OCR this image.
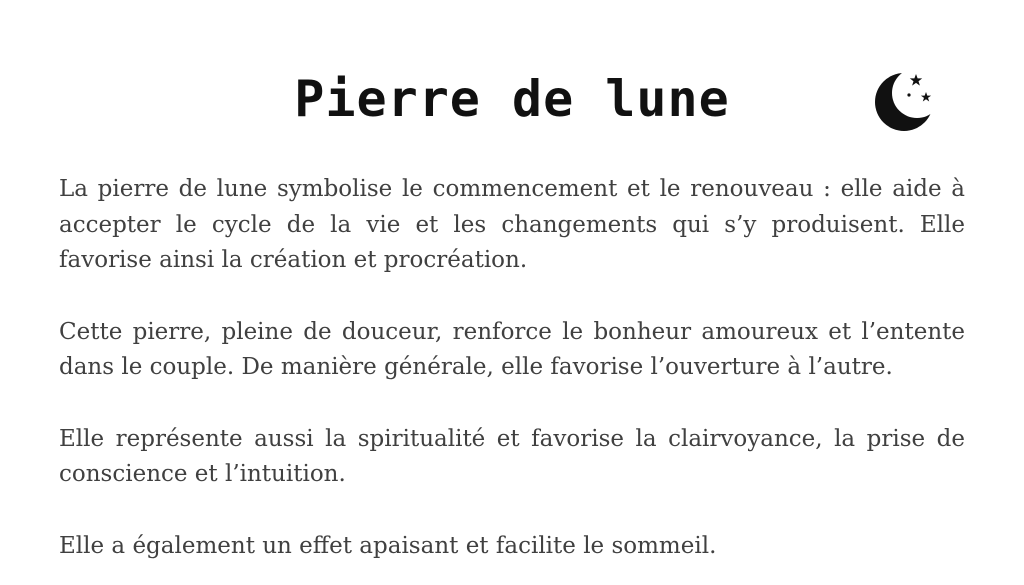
Pierre de lune

La pierre de lune symbolise le commencement et le renouveau : elle aide à accepter le cycle de la vie et les changements qui s’y produisent. Elle favorise ainsi la création et procréation.

Cette pierre, pleine de douceur, renforce le bonheur amoureux et l’entente dans le couple. De manière générale, elle favorise l’ouverture à l’autre.

Elle représente aussi la spiritualité et favorise la clairvoyance, la prise de conscience et l’intuition.

Elle a également un effet apaisant et facilite le sommeil.
